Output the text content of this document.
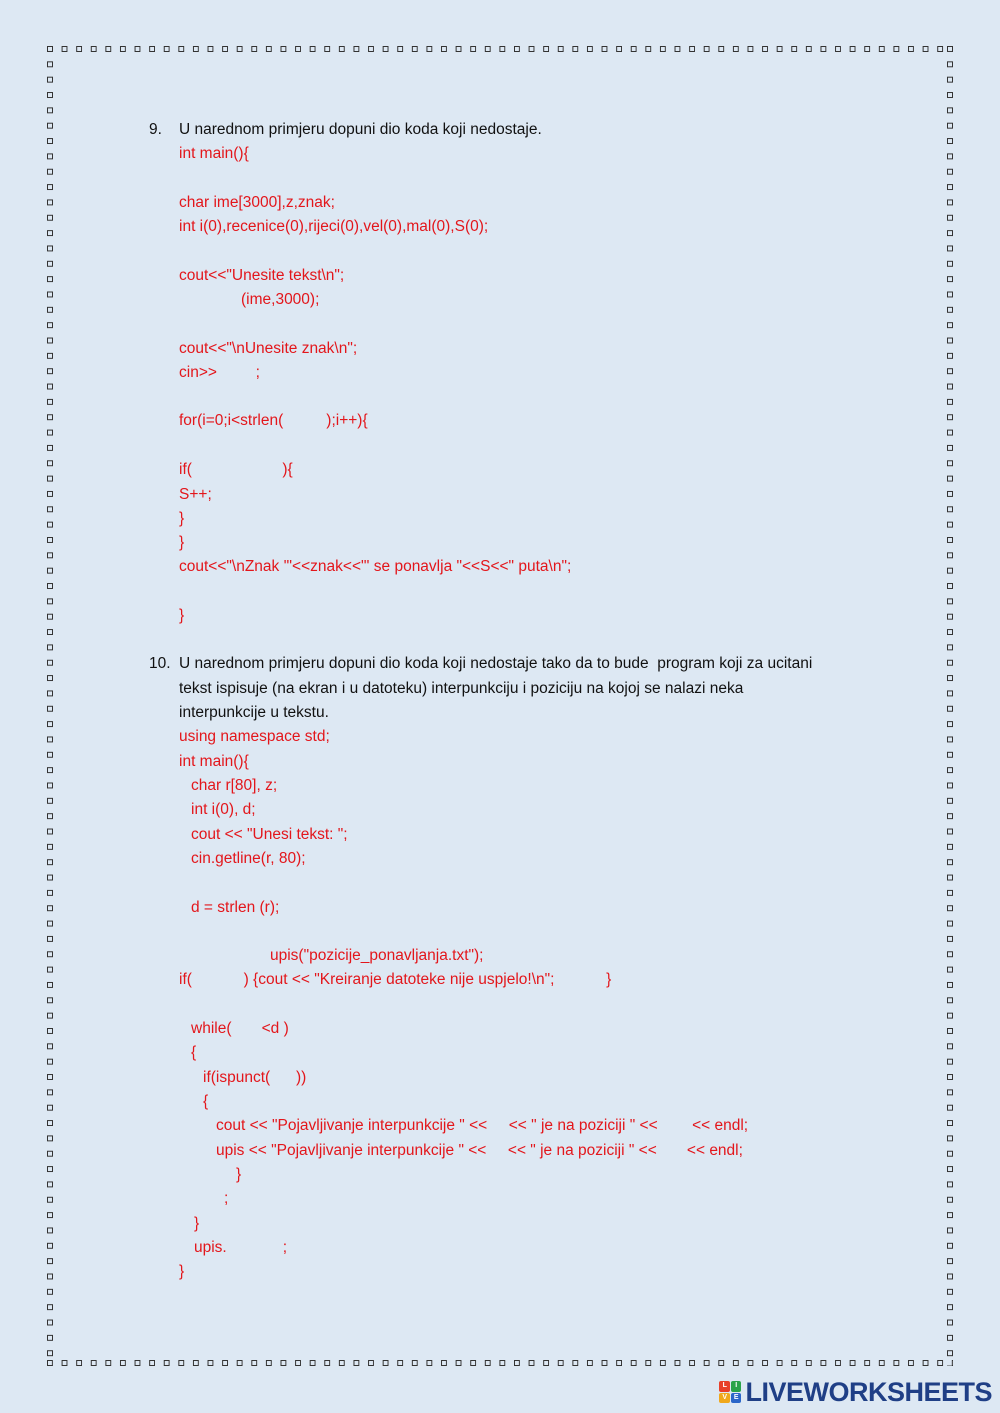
9. U narednom primjeru dopuni dio koda koji nedostaje.
int main(){
char ime[3000],z,znak;
int i(0),recenice(0),rijeci(0),vel(0),mal(0),S(0);
cout<<"Unesite tekst\n";
(ime,3000);
cout<<"\nUnesite znak\n";
cin>>         ;
for(i=0;i<strlen(          );i++){
if(                     ){
S++;
}
}
cout<<"\nZnak '"<<znak<<"' se ponavlja "<<S<<" puta\n";
}
10. U narednom primjeru dopuni dio koda koji nedostaje tako da to bude  program koji za ucitani
tekst ispisuje (na ekran i u datoteku) interpunkciju i poziciju na kojoj se nalazi neka
interpunkcije u tekstu.
using namespace std;
int main(){
char r[80], z;
int i(0), d;
cout << "Unesi tekst: ";
cin.getline(r, 80);
d = strlen (r);
upis("pozicije_ponavljanja.txt");
if(            ) {cout << "Kreiranje datoteke nije uspjelo!\n";            }
while(       <d )
{
if(ispunct(      ))
{
cout << "Pojavljivanje interpunkcije " <<     << " je na poziciji " <<        << endl;
upis << "Pojavljivanje interpunkcije " <<     << " je na poziciji " <<       << endl;
}
;
}
upis.             ;
}
L	I
V E LIVEWORKSHEETS
